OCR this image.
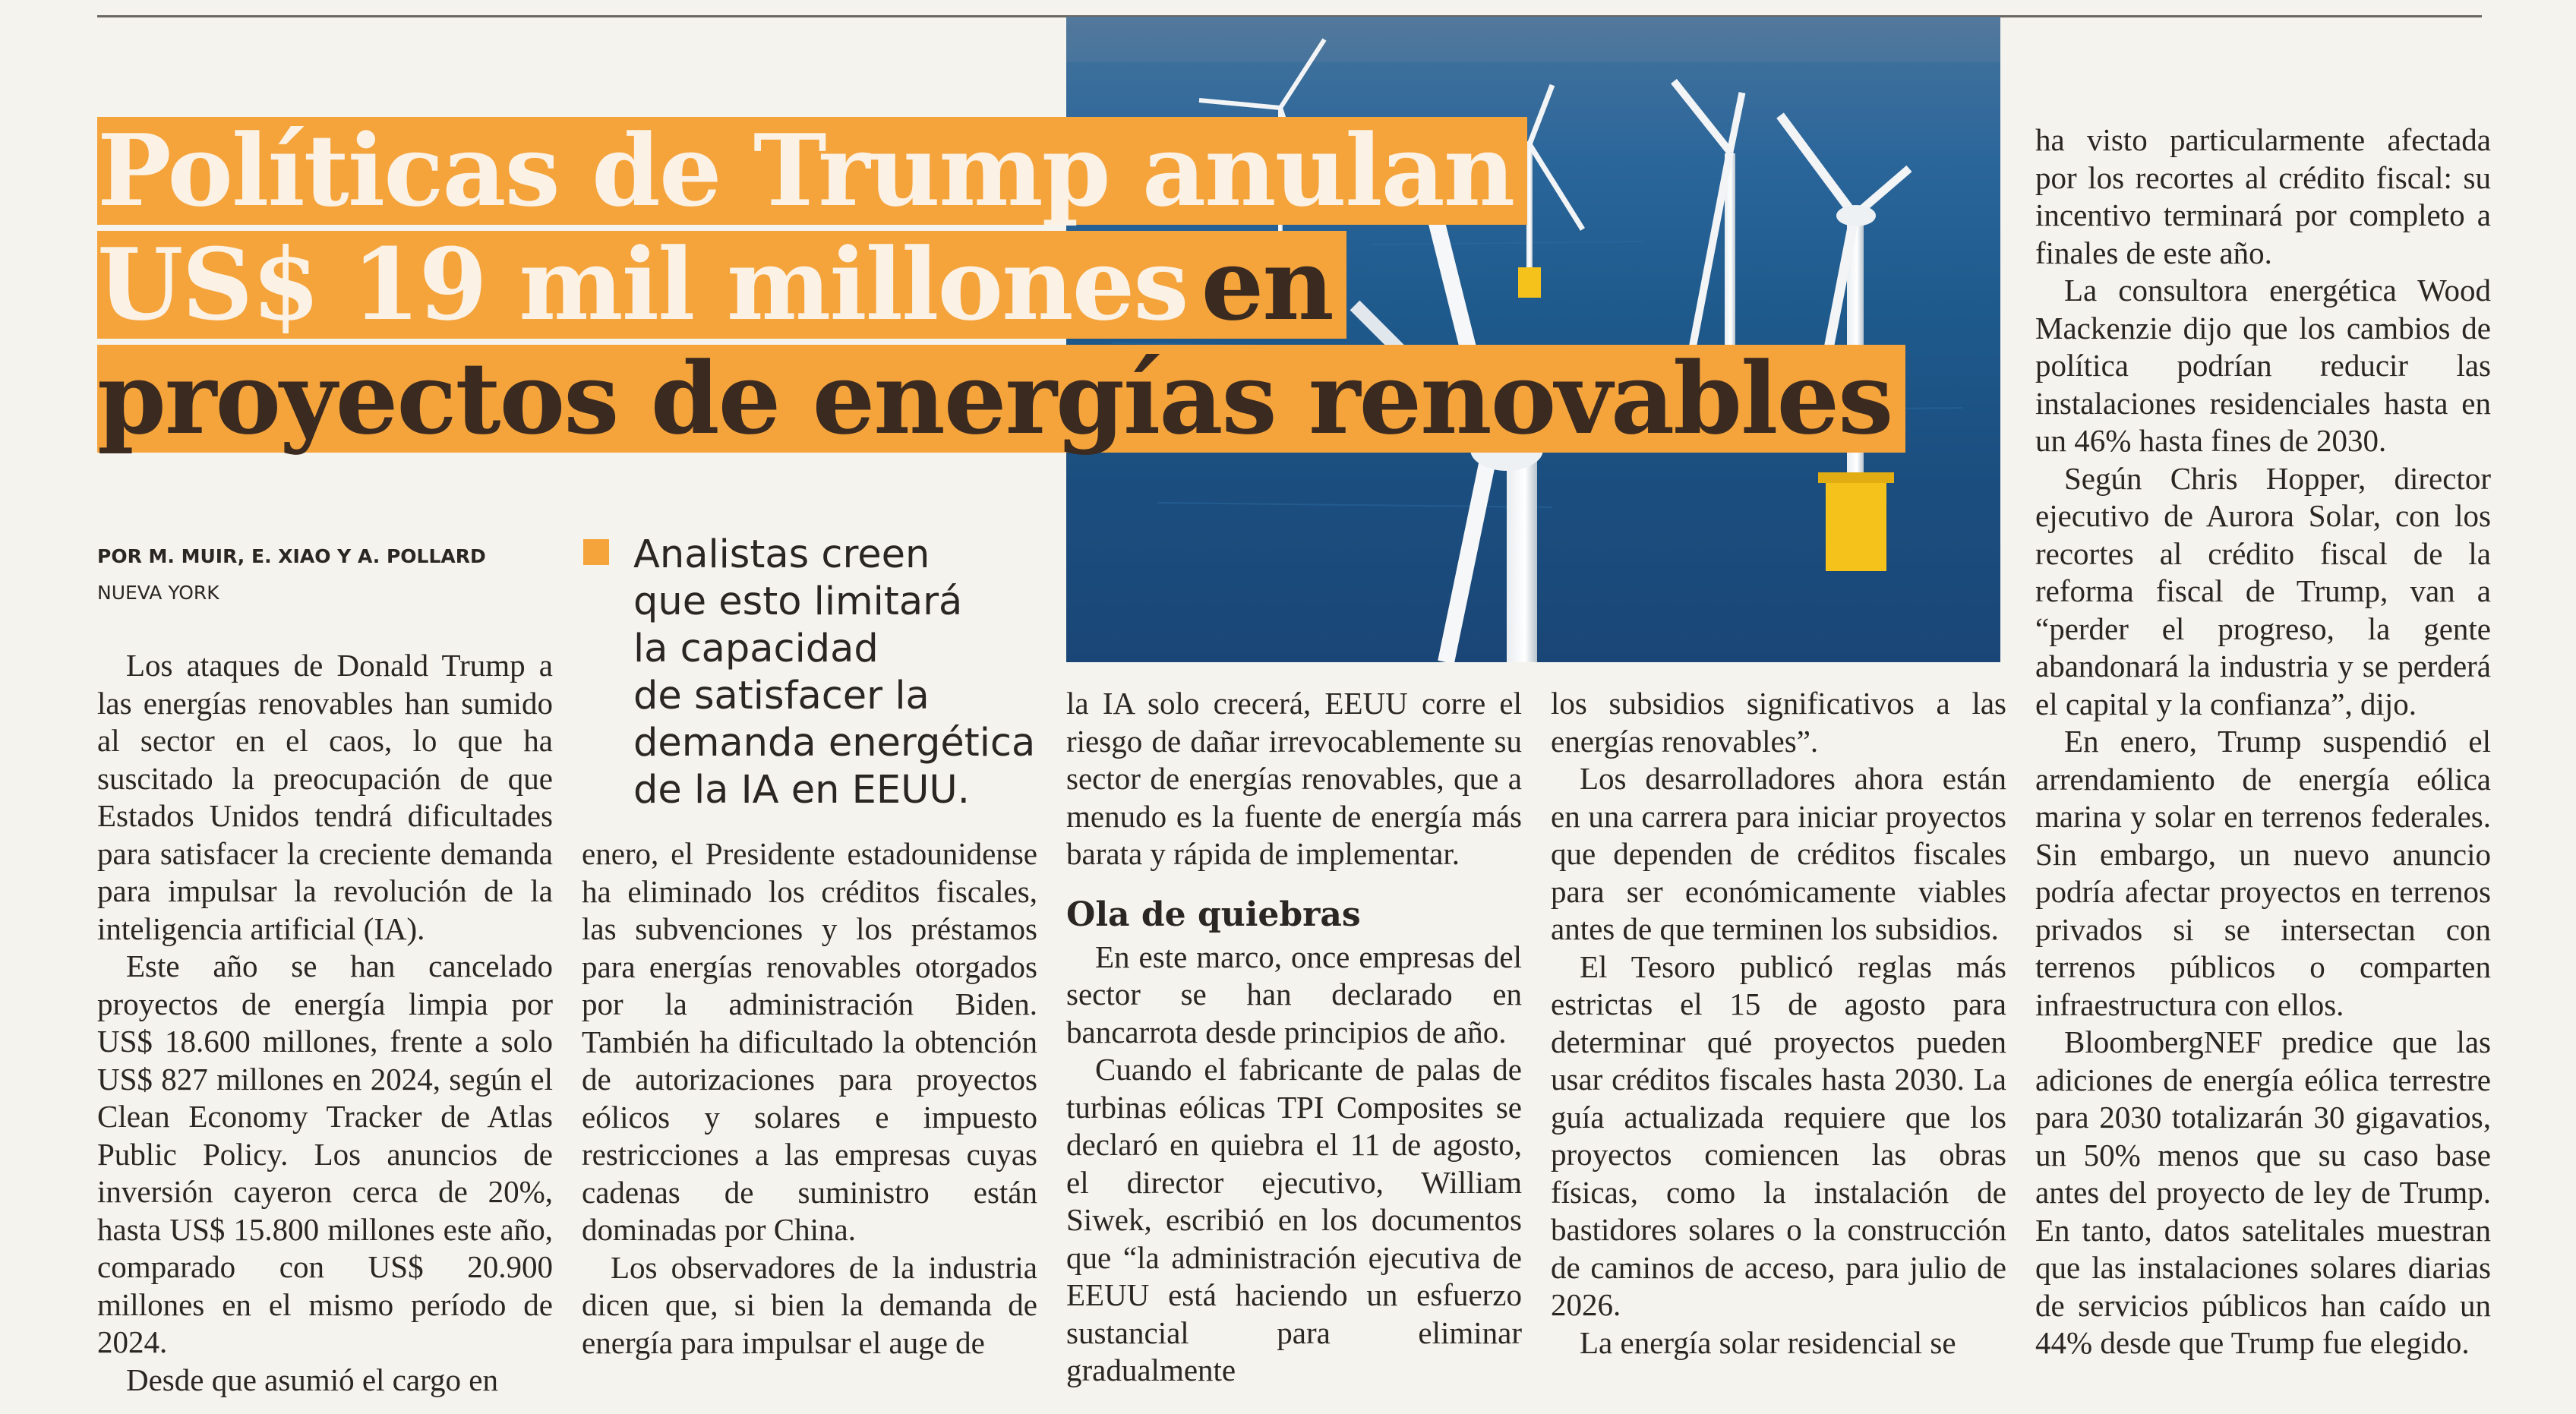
Políticas de Trump anulan
US$ 19 mil millonesen
proyectos de energías renovables
POR M. MUIR, E. XIAO Y A. POLLARD
NUEVA YORK
Analistas creen
que esto limitará
la capacidad
de satisfacer la
demanda energética
de la IA en EEUU.

Los ataques de Donald Trump a las energías renovables han sumido al sector en el caos, lo que ha suscitado la preocupación de que Estados Unidos tendrá dificultades para satisfacer la creciente demanda para impulsar la revolución de la inteligencia artificial (IA).

Este año se han cancelado proyectos de energía limpia por US$ 18.600 millones, frente a solo US$ 827 millones en 2024, según el Clean Economy Tracker de Atlas Public Policy. Los anuncios de inversión cayeron cerca de 20%, hasta US$ 15.800 millones este año, comparado con US$ 20.900 millones en el mismo período de 2024.

Desde que asumió el cargo en

enero, el Presidente estadounidense ha eliminado los créditos fiscales, las subvenciones y los préstamos para energías renovables otorgados por la administración Biden. También ha dificultado la obtención de autorizaciones para proyectos eólicos y solares e impuesto restricciones a las empresas cuyas cadenas de suministro están dominadas por China.

Los observadores de la industria dicen que, si bien la demanda de energía para impulsar el auge de

la IA solo crecerá, EEUU corre el riesgo de dañar irrevocablemente su sector de energías renovables, que a menudo es la fuente de energía más barata y rápida de implementar.

Ola de quiebras

En este marco, once empresas del sector se han declarado en bancarrota desde principios de año.

Cuando el fabricante de palas de turbinas eólicas TPI Composites se declaró en quiebra el 11 de agosto, el director ejecutivo, William Siwek, escribió en los documentos que “la administración ejecutiva de EEUU está haciendo un esfuerzo sustancial para eliminar gradualmente

los subsidios significativos a las energías renovables”.

Los desarrolladores ahora están en una carrera para iniciar proyectos que dependen de créditos fiscales para ser económicamente viables antes de que terminen los subsidios.

El Tesoro publicó reglas más estrictas el 15 de agosto para determinar qué proyectos pueden usar créditos fiscales hasta 2030. La guía actualizada requiere que los proyectos comiencen las obras físicas, como la instalación de bastidores solares o la construcción de caminos de acceso, para julio de 2026.

La energía solar residencial se

ha visto particularmente afectada por los recortes al crédito fiscal: su incentivo terminará por completo a finales de este año.

La consultora energética Wood Mackenzie dijo que los cambios de política podrían reducir las instalaciones residenciales hasta en un 46% hasta fines de 2030.

Según Chris Hopper, director ejecutivo de Aurora Solar, con los recortes al crédito fiscal de la reforma fiscal de Trump, van a “perder el progreso, la gente abandonará la industria y se perderá el capital y la confianza”, dijo.

En enero, Trump suspendió el arrendamiento de energía eólica marina y solar en terrenos federales. Sin embargo, un nuevo anuncio podría afectar proyectos en terrenos privados si se intersectan con terrenos públicos o comparten infraestructura con ellos.

BloombergNEF predice que las adiciones de energía eólica terrestre para 2030 totalizarán 30 gigavatios, un 50% menos que su caso base antes del proyecto de ley de Trump. En tanto, datos satelitales muestran que las instalaciones solares diarias de servicios públicos han caído un 44% desde que Trump fue elegido.
